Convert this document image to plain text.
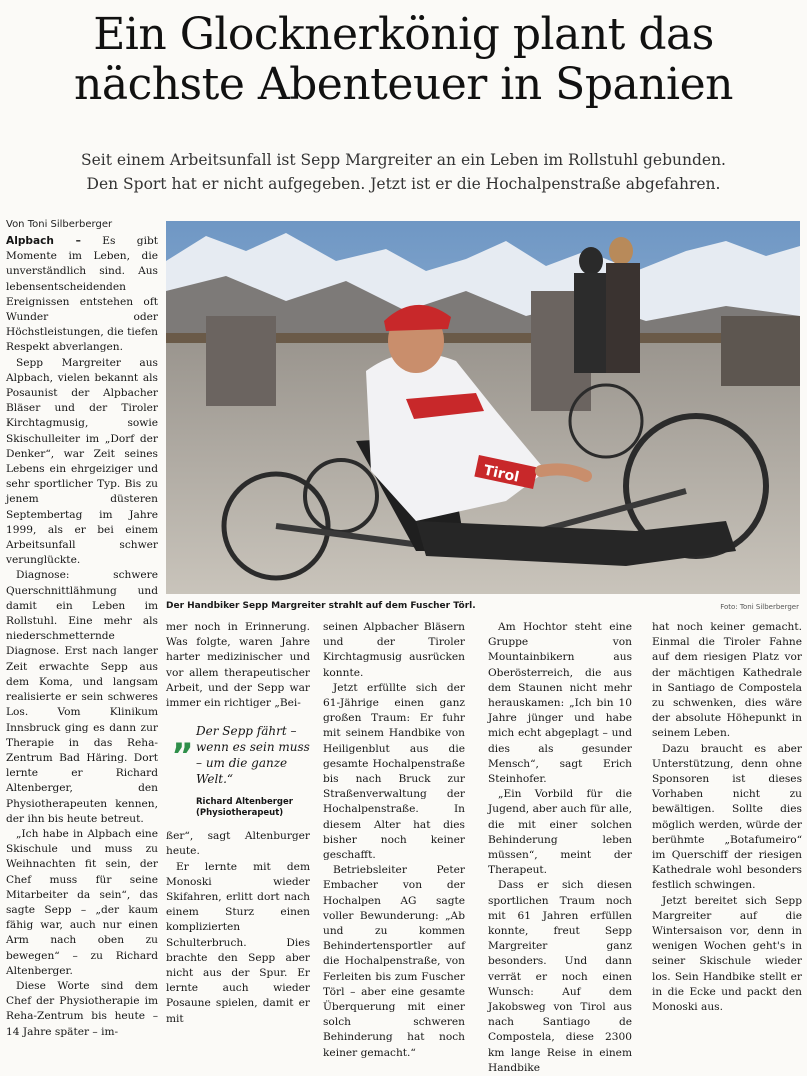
Ein Glocknerkönig plant das
nächste Abenteuer in Spanien

Seit einem Arbeitsunfall ist Sepp Margreiter an ein Leben im Rollstuhl gebunden.
Den Sport hat er nicht aufgegeben. Jetzt ist er die Hochalpenstraße abgefahren.

Von Toni Silberberger
Tirol
Der Handbiker Sepp Margreiter strahlt auf dem Fuscher Törl.	Foto: Toni Silberberger

Alpbach – Es gibt Momente im Leben, die unverständlich sind. Aus lebensentscheidenden Ereignissen entstehen oft Wunder oder Höchstleistungen, die tiefen Respekt abverlangen.

Sepp Margreiter aus Alpbach, vielen bekannt als Posaunist der Alpbacher Bläser und der Tiroler Kirchtagmusig, sowie Skischulleiter im „Dorf der Denker“, war Zeit seines Lebens ein ehrgeiziger und sehr sportlicher Typ. Bis zu jenem düsteren Septembertag im Jahre 1999, als er bei einem Arbeitsunfall schwer verunglückte.

Diagnose: schwere Querschnittlähmung und damit ein Leben im Rollstuhl. Eine mehr als niederschmetternde Diagnose. Erst nach langer Zeit erwachte Sepp aus dem Koma, und langsam realisierte er sein schweres Los. Vom Klinikum Innsbruck ging es dann zur Therapie in das Reha-Zentrum Bad Häring. Dort lernte er Richard Altenberger, den Physiotherapeuten kennen, der ihn bis heute betreut.

„Ich habe in Alpbach eine Skischule und muss zu Weihnachten fit sein, der Chef muss für seine Mitarbeiter da sein“, das sagte Sepp – „der kaum fähig war, auch nur einen Arm nach oben zu bewegen“ – zu Richard Altenberger.

Diese Worte sind dem Chef der Physiotherapie im Reha-Zentrum bis heute – 14 Jahre später – im-

mer noch in Erinnerung. Was folgte, waren Jahre harter medizinischer und vor allem therapeutischer Arbeit, und der Sepp war immer ein richtiger „Bei-

„ Der Sepp fährt – wenn es sein muss – um die ganze Welt.“
Richard Altenberger
(Physiotherapeut)

ßer“, sagt Altenburger heute.

Er lernte mit dem Monoski wieder Skifahren, erlitt dort nach einem Sturz einen komplizierten Schulterbruch. Dies brachte den Sepp aber nicht aus der Spur. Er lernte auch wieder Posaune spielen, damit er mit

seinen Alpbacher Bläsern und der Tiroler Kirchtagmusig ausrücken konnte.

Jetzt erfüllte sich der 61-Jährige einen ganz großen Traum: Er fuhr mit seinem Handbike von Heiligenblut aus die gesamte Hochalpenstraße bis nach Bruck zur Straßenverwaltung der Hochalpenstraße. In diesem Alter hat dies bisher noch keiner geschafft.

Betriebsleiter Peter Embacher von der Hochalpen AG sagte voller Bewunderung: „Ab und zu kommen Behindertensportler auf die Hochalpenstraße, von Ferleiten bis zum Fuscher Törl – aber eine gesamte Überquerung mit einer solch schweren Behinderung hat noch keiner gemacht.“

Am Hochtor steht eine Gruppe von Mountainbikern aus Oberösterreich, die aus dem Staunen nicht mehr herauskamen: „Ich bin 10 Jahre jünger und habe mich echt abgeplagt – und dies als gesunder Mensch“, sagt Erich Steinhofer.

„Ein Vorbild für die Jugend, aber auch für alle, die mit einer solchen Behinderung leben müssen“, meint der Therapeut.

Dass er sich diesen sportlichen Traum noch mit 61 Jahren erfüllen konnte, freut Sepp Margreiter ganz besonders. Und dann verrät er noch einen Wunsch: Auf dem Jakobsweg von Tirol aus nach Santiago de Compostela, diese 2300 km lange Reise in einem Handbike

hat noch keiner gemacht. Einmal die Tiroler Fahne auf dem riesigen Platz vor der mächtigen Kathedrale in Santiago de Compostela zu schwenken, dies wäre der absolute Höhepunkt in seinem Leben.

Dazu braucht es aber Unterstützung, denn ohne Sponsoren ist dieses Vorhaben nicht zu bewältigen. Sollte dies möglich werden, würde der berühmte „Botafumeiro“ im Querschiff der riesigen Kathedrale wohl besonders festlich schwingen.

Jetzt bereitet sich Sepp Margreiter auf die Wintersaison vor, denn in wenigen Wochen geht's in seiner Skischule wieder los. Sein Handbike stellt er in die Ecke und packt den Monoski aus.
